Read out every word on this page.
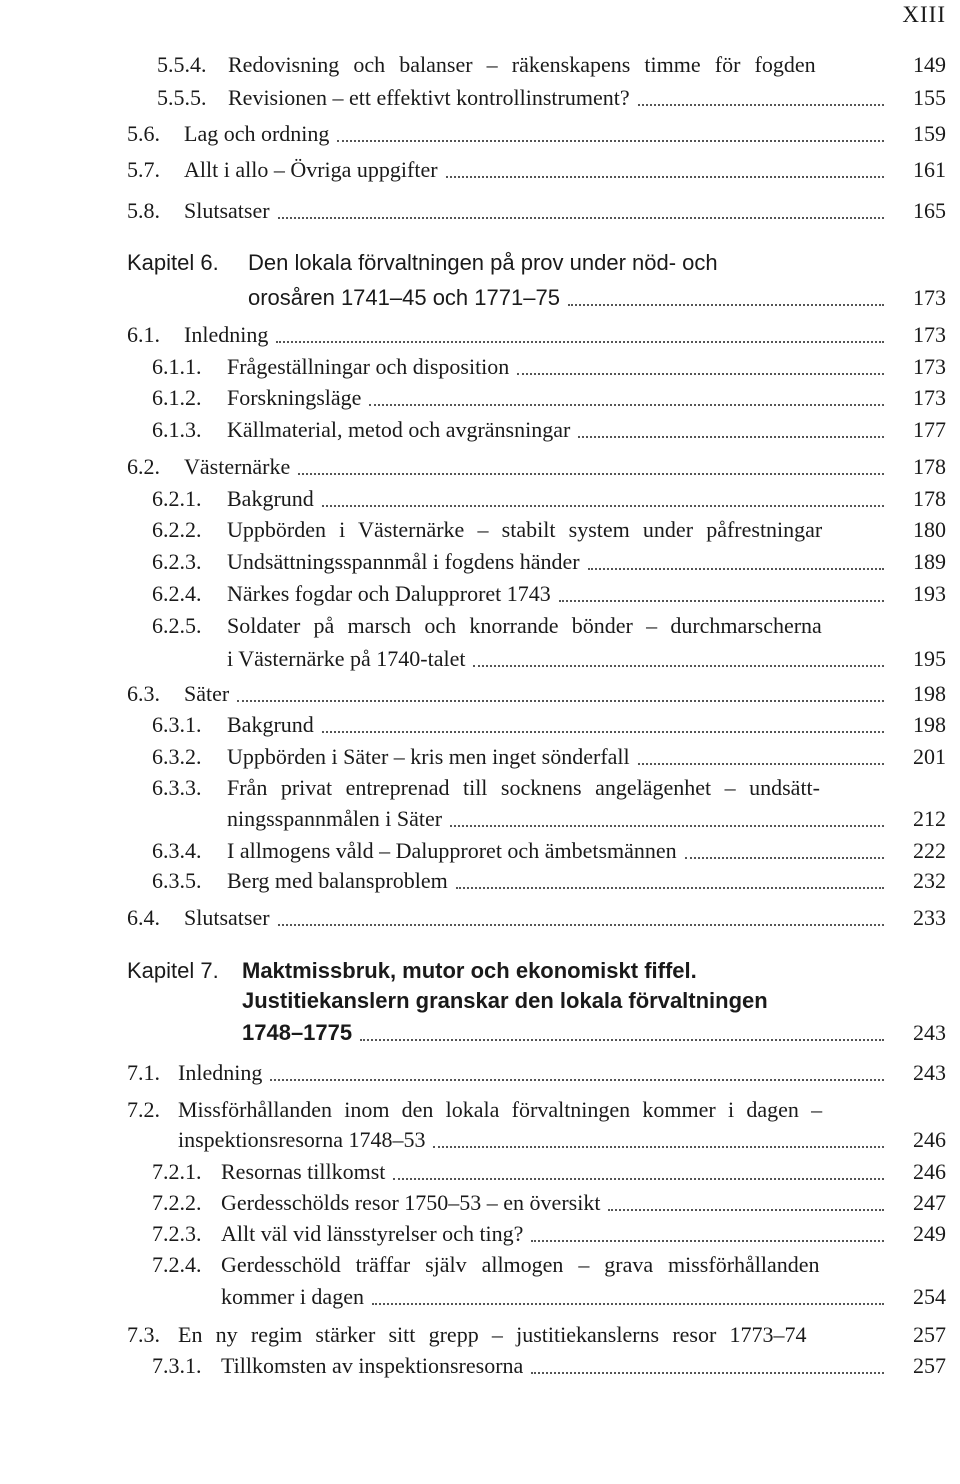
XIII
5.5.4. Redovisning och balanser – räkenskapens timme för fogden	149
5.5.5. Revisionen – ett effektivt kontrollinstrument?	155
5.6. Lag och ordning	159
5.7. Allt i allo – Övriga uppgifter	161
5.8. Slutsatser	165
Kapitel 6. Den lokala förvaltningen på prov under nöd- och
orosåren 1741–45 och 1771–75	173
6.1. Inledning	173
6.1.1. Frågeställningar och disposition	173
6.1.2. Forskningsläge	173
6.1.3. Källmaterial, metod och avgränsningar	177
6.2. Västernärke	178
6.2.1. Bakgrund	178
6.2.2. Uppbörden i Västernärke – stabilt system under påfrestningar	180
6.2.3. Undsättningsspannmål i fogdens händer	189
6.2.4. Närkes fogdar och Dalupproret 1743	193
6.2.5. Soldater på marsch och knorrande bönder – durchmarscherna
i Västernärke på 1740-talet	195
6.3. Säter	198
6.3.1. Bakgrund	198
6.3.2. Uppbörden i Säter – kris men inget sönderfall	201
6.3.3. Från privat entreprenad till socknens angelägenhet – undsätt-
ningsspannmålen i Säter	212
6.3.4. I allmogens våld – Dalupproret och ämbetsmännen	222
6.3.5. Berg med balansproblem	232
6.4. Slutsatser	233
Kapitel 7. Maktmissbruk, mutor och ekonomiskt fiffel.
Justitiekanslern granskar den lokala förvaltningen
1748–1775	243
7.1. Inledning	243
7.2. Missförhållanden inom den lokala förvaltningen kommer i dagen –
inspektionsresorna 1748–53	246
7.2.1. Resornas tillkomst	246
7.2.2. Gerdesschölds resor 1750–53 – en översikt	247
7.2.3. Allt väl vid länsstyrelser och ting?	249
7.2.4. Gerdesschöld träffar själv allmogen – grava missförhållanden
kommer i dagen	254
7.3. En ny regim stärker sitt grepp – justitiekanslerns resor 1773–74	257
7.3.1. Tillkomsten av inspektionsresorna	257
